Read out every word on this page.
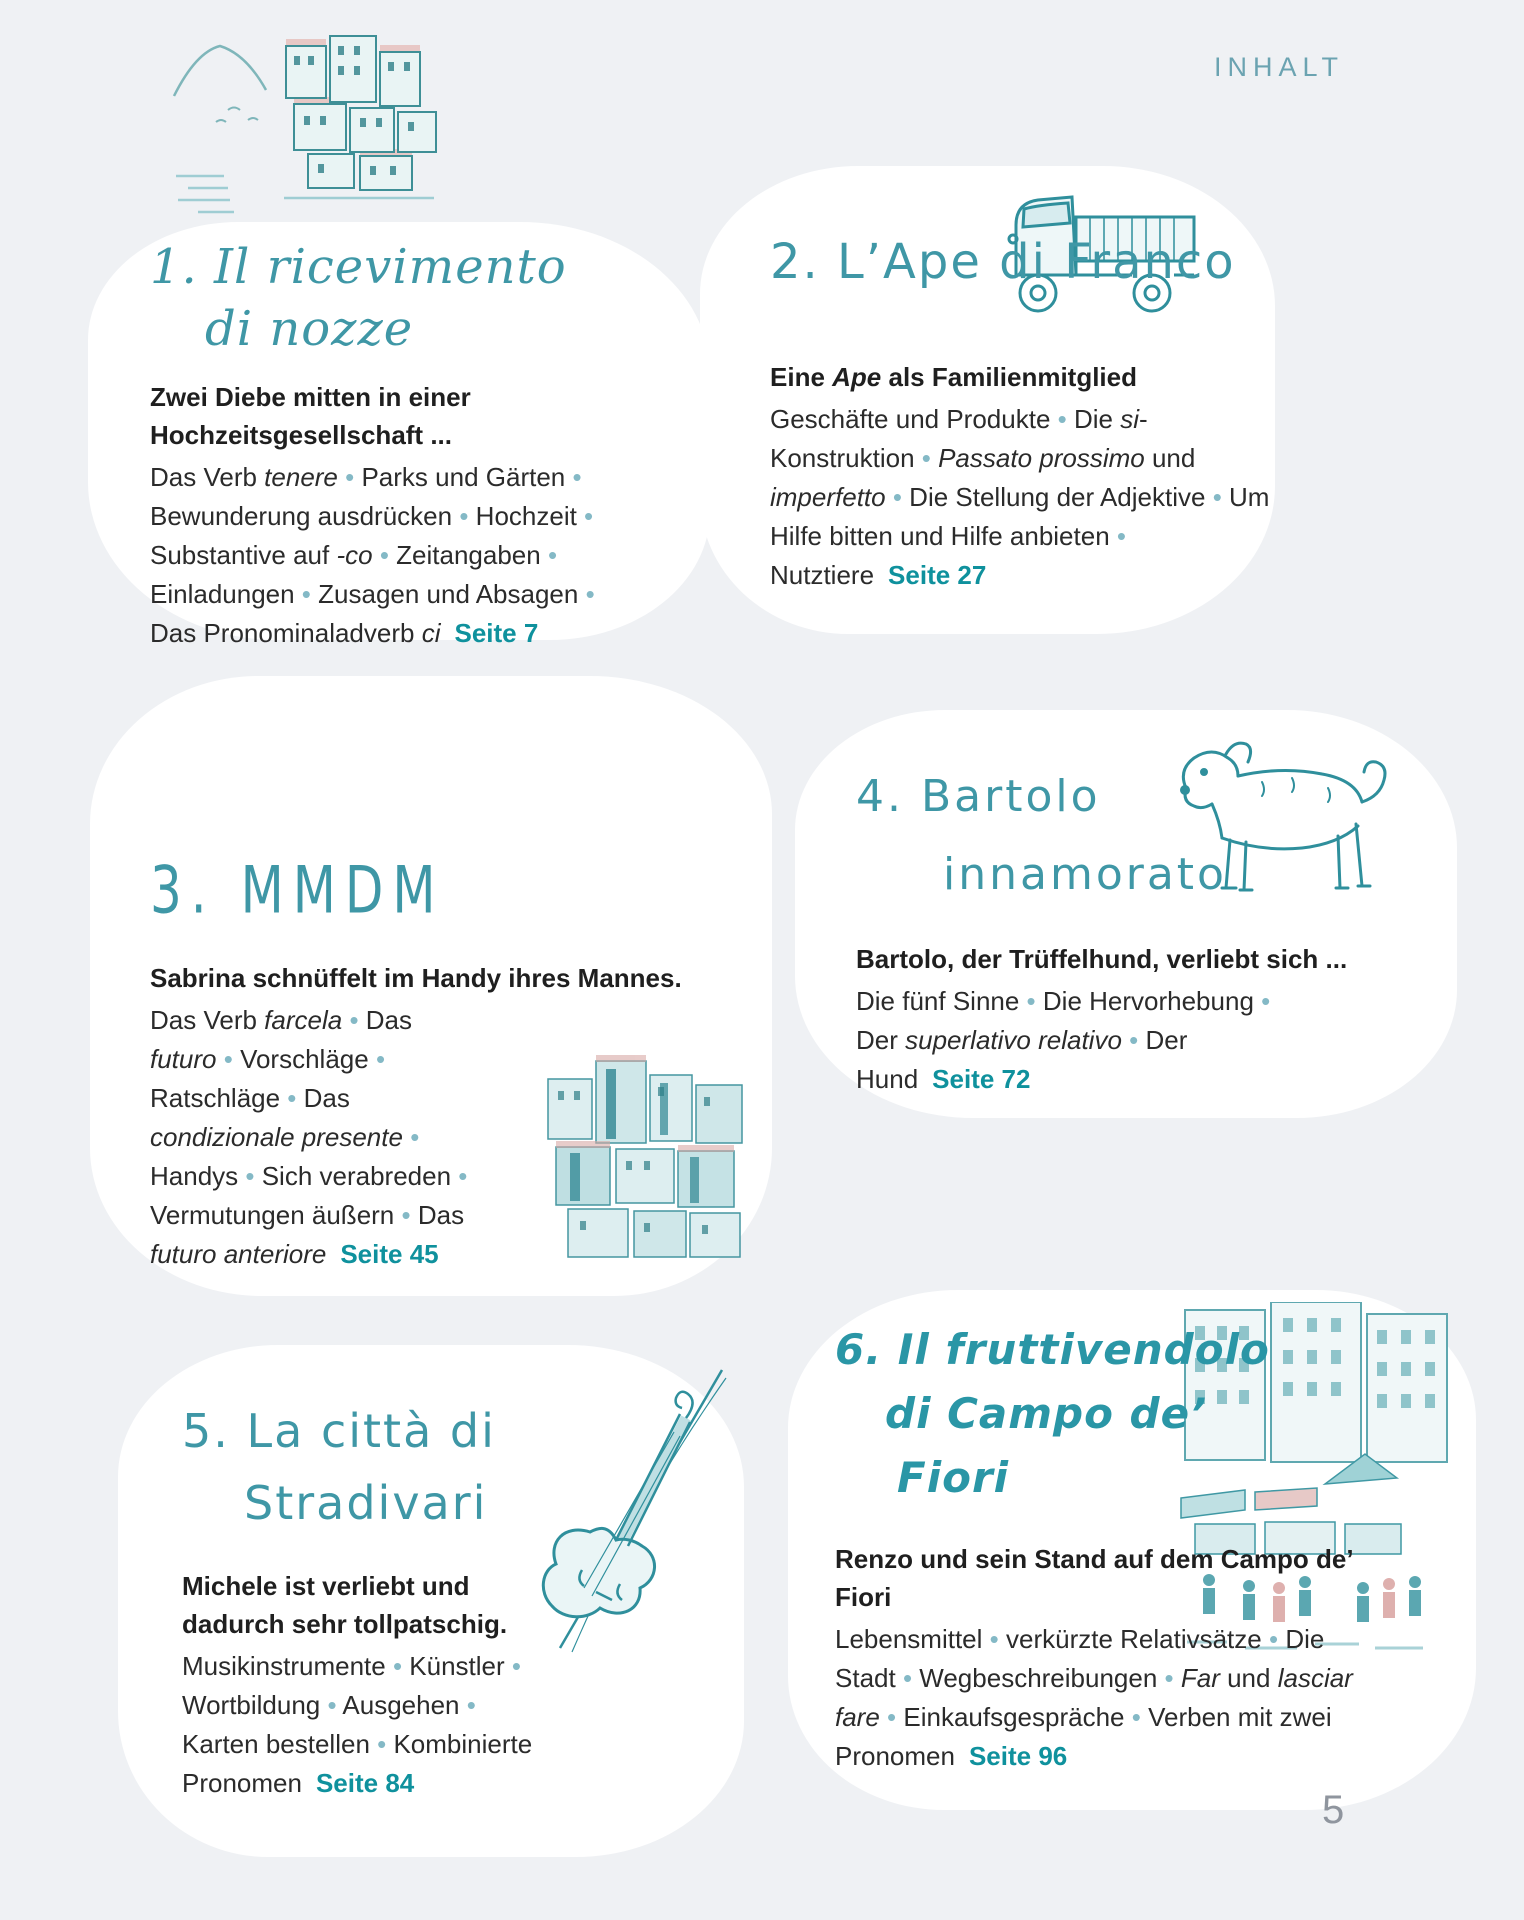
INHALT
1. Il ricevimento
di nozze

Zwei Diebe mitten in einer Hochzeitsgesellschaft ...

Das Verb tenere • Parks und Gärten • Bewunderung ausdrücken • Hochzeit • Substantive auf -co • Zeitangaben • Einladungen • Zusagen und Absagen • Das Pronominaladverb ci Seite 7

2. L’Ape di Franco

Eine Ape als Familienmitglied

Geschäfte und Produkte • Die si-Konstruktion • Passato prossimo und imperfetto • Die Stellung der Adjektive • Um Hilfe bitten und Hilfe anbieten • Nutztiere Seite 27

3. MMDM

Sabrina schnüffelt im Handy ihres Mannes.

Das Verb farcela • Das futuro • Vorschläge • Ratschläge • Das condizionale presente • Handys • Sich verabreden • Vermutungen äußern • Das futuro anteriore Seite 45

4. Bartolo
innamorato

Bartolo, der Trüffelhund, verliebt sich ...

Die fünf Sinne • Die Hervorhebung • Der superlativo relativo • Der Hund Seite 72

5. La città di
Stradivari

Michele ist verliebt und dadurch sehr tollpatschig.

Musikinstrumente • Künstler • Wortbildung • Ausgehen • Karten bestellen • Kombinierte Pronomen Seite 84

6. Il fruttivendolo
di Campo de’
Fiori

Renzo und sein Stand auf dem Campo de’ Fiori

Lebensmittel • verkürzte Relativsätze • Die Stadt • Wegbeschreibungen • Far und lasciar fare • Einkaufsgespräche • Verben mit zwei Pronomen Seite 96

5
